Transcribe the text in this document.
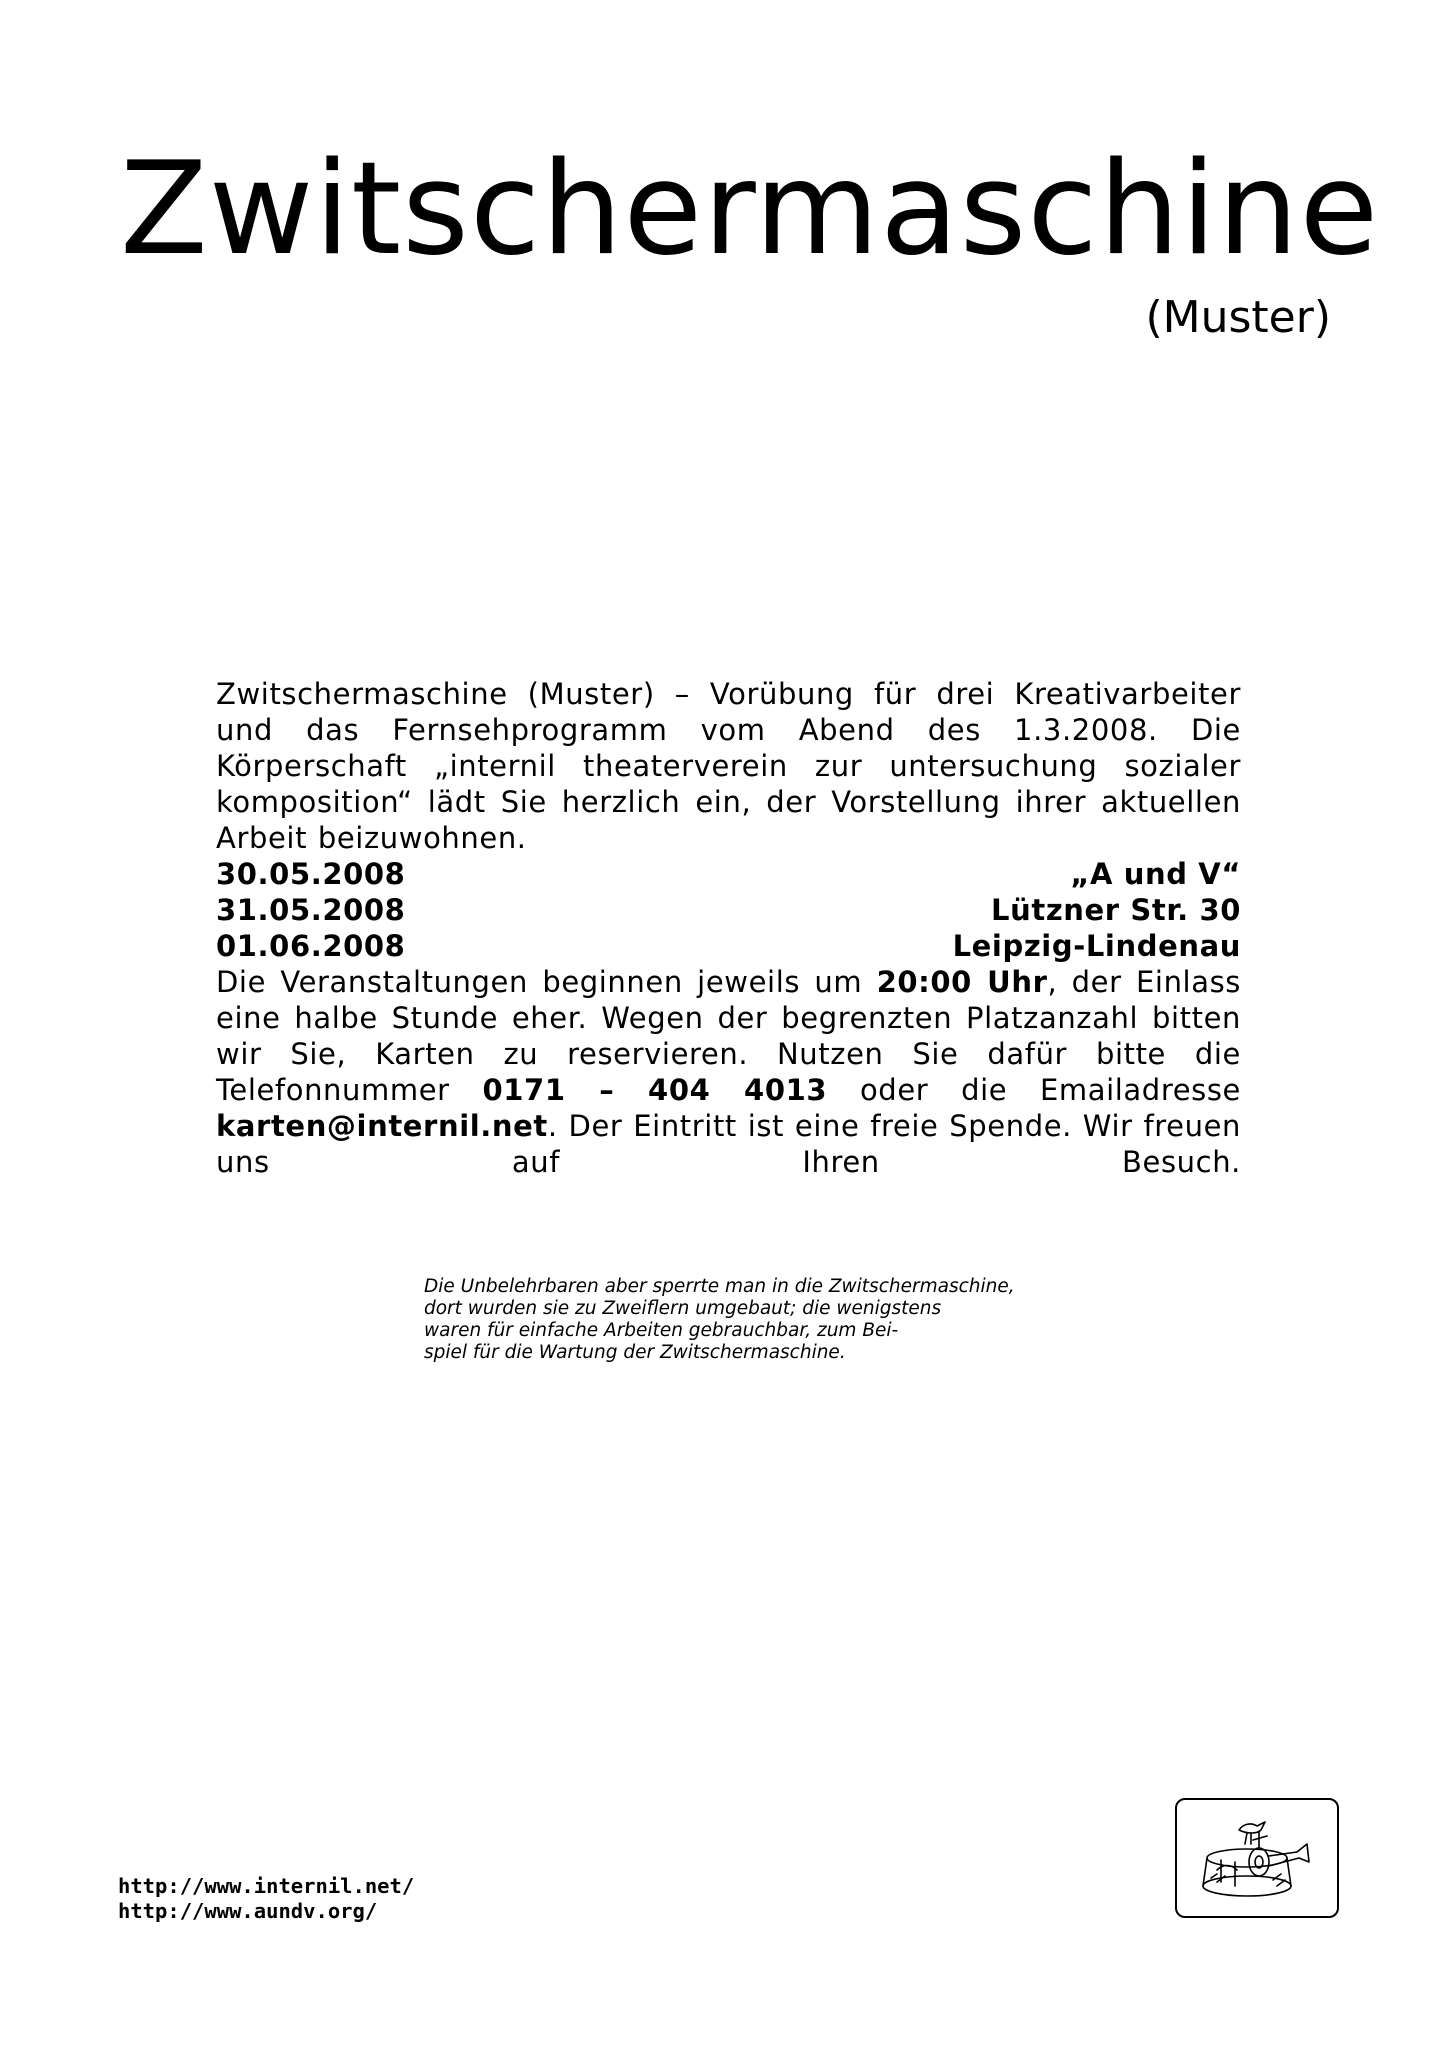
Zwitschermaschine

(Muster)

Zwitschermaschine (Muster) – Vorübung für drei Kreativarbeiter und das Fernsehprogramm vom Abend des 1.3.2008. Die Körperschaft „internil theaterverein zur untersuchung sozialer komposition“ lädt Sie herzlich ein, der Vorstellung ihrer aktuellen Arbeit beizuwohnen.

30.05.2008	„A und V“
31.05.2008	Lützner Str. 30
01.06.2008	Leipzig-Lindenau

Die Veranstaltungen beginnen jeweils um 20:00 Uhr, der Einlass eine halbe Stunde eher. Wegen der begrenzten Platzanzahl bitten wir Sie, Karten zu reservieren. Nutzen Sie dafür bitte die Telefonnummer 0171 – 404 4013 oder die Emailadresse karten@internil.net. Der Eintritt ist eine freie Spende. Wir freuen uns auf Ihren Besuch.

Die Unbelehrbaren aber sperrte man in die Zwitschermaschine,
dort wurden sie zu Zweiflern umgebaut; die wenigstens
waren für einfache Arbeiten gebrauchbar, zum Bei-
spiel für die Wartung der Zwitschermaschine.
http://www.internil.net/
http://www.aundv.org/
